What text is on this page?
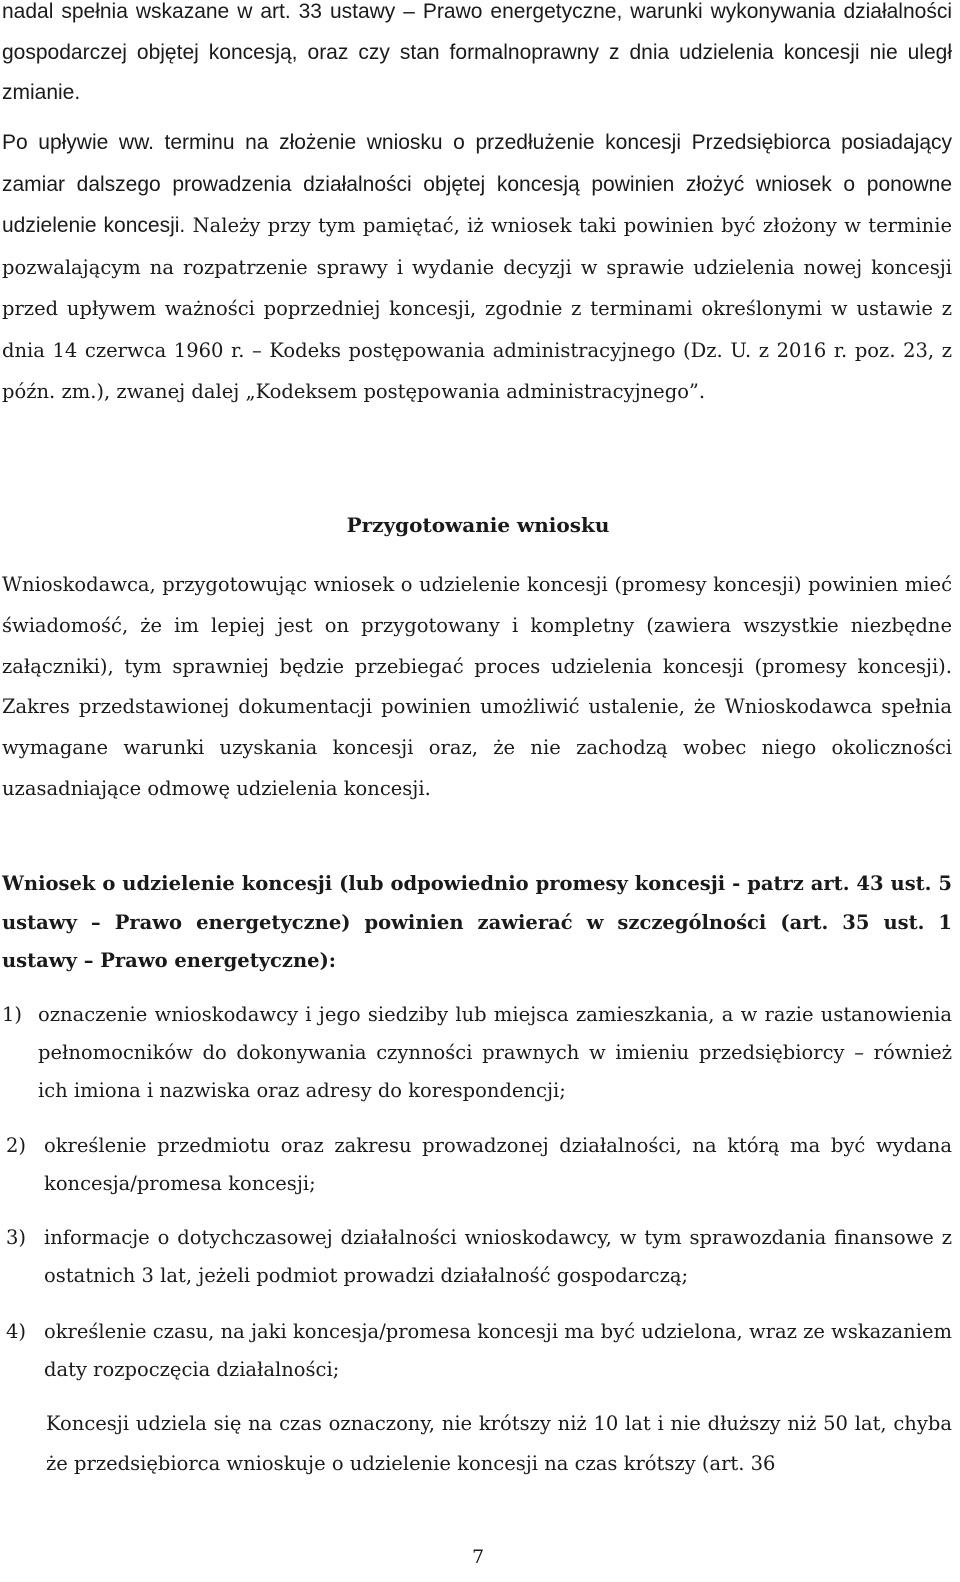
nadal spełnia wskazane w art. 33 ustawy – Prawo energetyczne, warunki wykonywania działalności gospodarczej objętej koncesją, oraz czy stan formalnoprawny z dnia udzielenia koncesji nie uległ zmianie.

Po upływie ww. terminu na złożenie wniosku o przedłużenie koncesji Przedsiębiorca posiadający zamiar dalszego prowadzenia działalności objętej koncesją powinien złożyć wniosek o ponowne udzielenie koncesji. Należy przy tym pamiętać, iż wniosek taki powinien być złożony w terminie pozwalającym na rozpatrzenie sprawy i wydanie decyzji w sprawie udzielenia nowej koncesji przed upływem ważności poprzedniej koncesji, zgodnie z terminami określonymi w ustawie z dnia 14 czerwca 1960 r. – Kodeks postępowania administracyjnego (Dz. U. z 2016 r. poz. 23, z późn. zm.), zwanej dalej „Kodeksem postępowania administracyjnego”.

Przygotowanie wniosku

Wnioskodawca, przygotowując wniosek o udzielenie koncesji (promesy koncesji) powinien mieć świadomość, że im lepiej jest on przygotowany i kompletny (zawiera wszystkie niezbędne załączniki), tym sprawniej będzie przebiegać proces udzielenia koncesji (promesy koncesji). Zakres przedstawionej dokumentacji powinien umożliwić ustalenie, że Wnioskodawca spełnia wymagane warunki uzyskania koncesji oraz, że nie zachodzą wobec niego okoliczności uzasadniające odmowę udzielenia koncesji.

Wniosek o udzielenie koncesji (lub odpowiednio promesy koncesji - patrz art. 43 ust. 5 ustawy – Prawo energetyczne) powinien zawierać w szczególności (art. 35 ust. 1 ustawy – Prawo energetyczne):

1) oznaczenie wnioskodawcy i jego siedziby lub miejsca zamieszkania, a w razie ustanowienia pełnomocników do dokonywania czynności prawnych w imieniu przedsiębiorcy – również ich imiona i nazwiska oraz adresy do korespondencji;
2) określenie przedmiotu oraz zakresu prowadzonej działalności, na którą ma być wydana koncesja/promesa koncesji;
3) informacje o dotychczasowej działalności wnioskodawcy, w tym sprawozdania finansowe z ostatnich 3 lat, jeżeli podmiot prowadzi działalność gospodarczą;
4) określenie czasu, na jaki koncesja/promesa koncesji ma być udzielona, wraz ze wskazaniem daty rozpoczęcia działalności;

Koncesji udziela się na czas oznaczony, nie krótszy niż 10 lat i nie dłuższy niż 50 lat, chyba że przedsiębiorca wnioskuje o udzielenie koncesji na czas krótszy (art. 36

7
